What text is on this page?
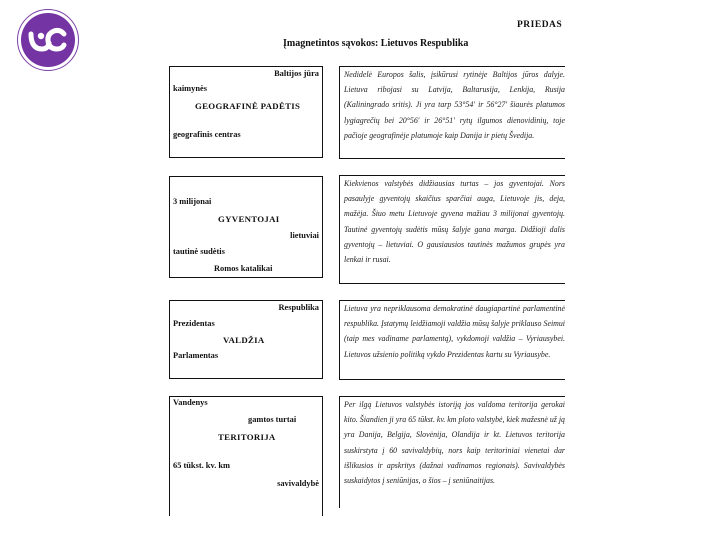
PRIEDAS
Įmagnetintos sąvokos: Lietuvos Respublika
Baltijos jūra
kaimynės
GEOGRAFINĖ PADĖTIS
geografinis centras
Nedidelė Europos šalis, įsikūrusi rytinėje Baltijos jūros dalyje. Lietuva ribojasi su Latvija, Baltarusija, Lenkija, Rusija (Kaliningrado sritis). Ji yra tarp 53°54' ir 56°27' šiaurės platumos lygiagrečių bei 20°56' ir 26°51' rytų ilgumos dienovidinių, toje pačioje geografinėje platumoje kaip Danija ir pietų Švedija.
3 milijonai
GYVENTOJAI
lietuviai
tautinė sudėtis
Romos katalikai
Kiekvienos valstybės didžiausias turtas – jos gyventojai. Nors pasaulyje gyventojų skaičius sparčiai auga, Lietuvoje jis, deja, mažėja. Šiuo metu Lietuvoje gyvena mažiau 3 milijonai gyventojų. Tautinė gyventojų sudėtis mūsų šalyje gana marga. Didžioji dalis gyventojų – lietuviai. O gausiausios tautinės mažumos grupės yra lenkai ir rusai.
Respublika
Prezidentas
VALDŽIA
Parlamentas
Lietuva yra nepriklausoma demokratinė daugiapartinė parlamentinė respublika. Įstatymų leidžiamoji valdžia mūsų šalyje priklauso Seimui (taip mes vadiname parlamentą), vykdomoji valdžia – Vyriausybei. Lietuvos užsienio politiką vykdo Prezidentas kartu su Vyriausybe.
Vandenys
gamtos turtai
TERITORIJA
65 tūkst. kv. km
savivaldybė
Per ilgą Lietuvos valstybės istoriją jos valdoma teritorija gerokai kito. Šiandien ji yra 65 tūkst. kv. km ploto valstybė, kiek mažesnė už ją yra Danija, Belgija, Slovėnija, Olandija ir kt. Lietuvos teritorija suskirstyta į 60 savivaldybių, nors kaip teritoriniai vienetai dar išlikusios ir apskritys (dažnai vadinamos regionais). Savivaldybės suskaidytos į seniūnijas, o šios – į seniūnaitijas.
